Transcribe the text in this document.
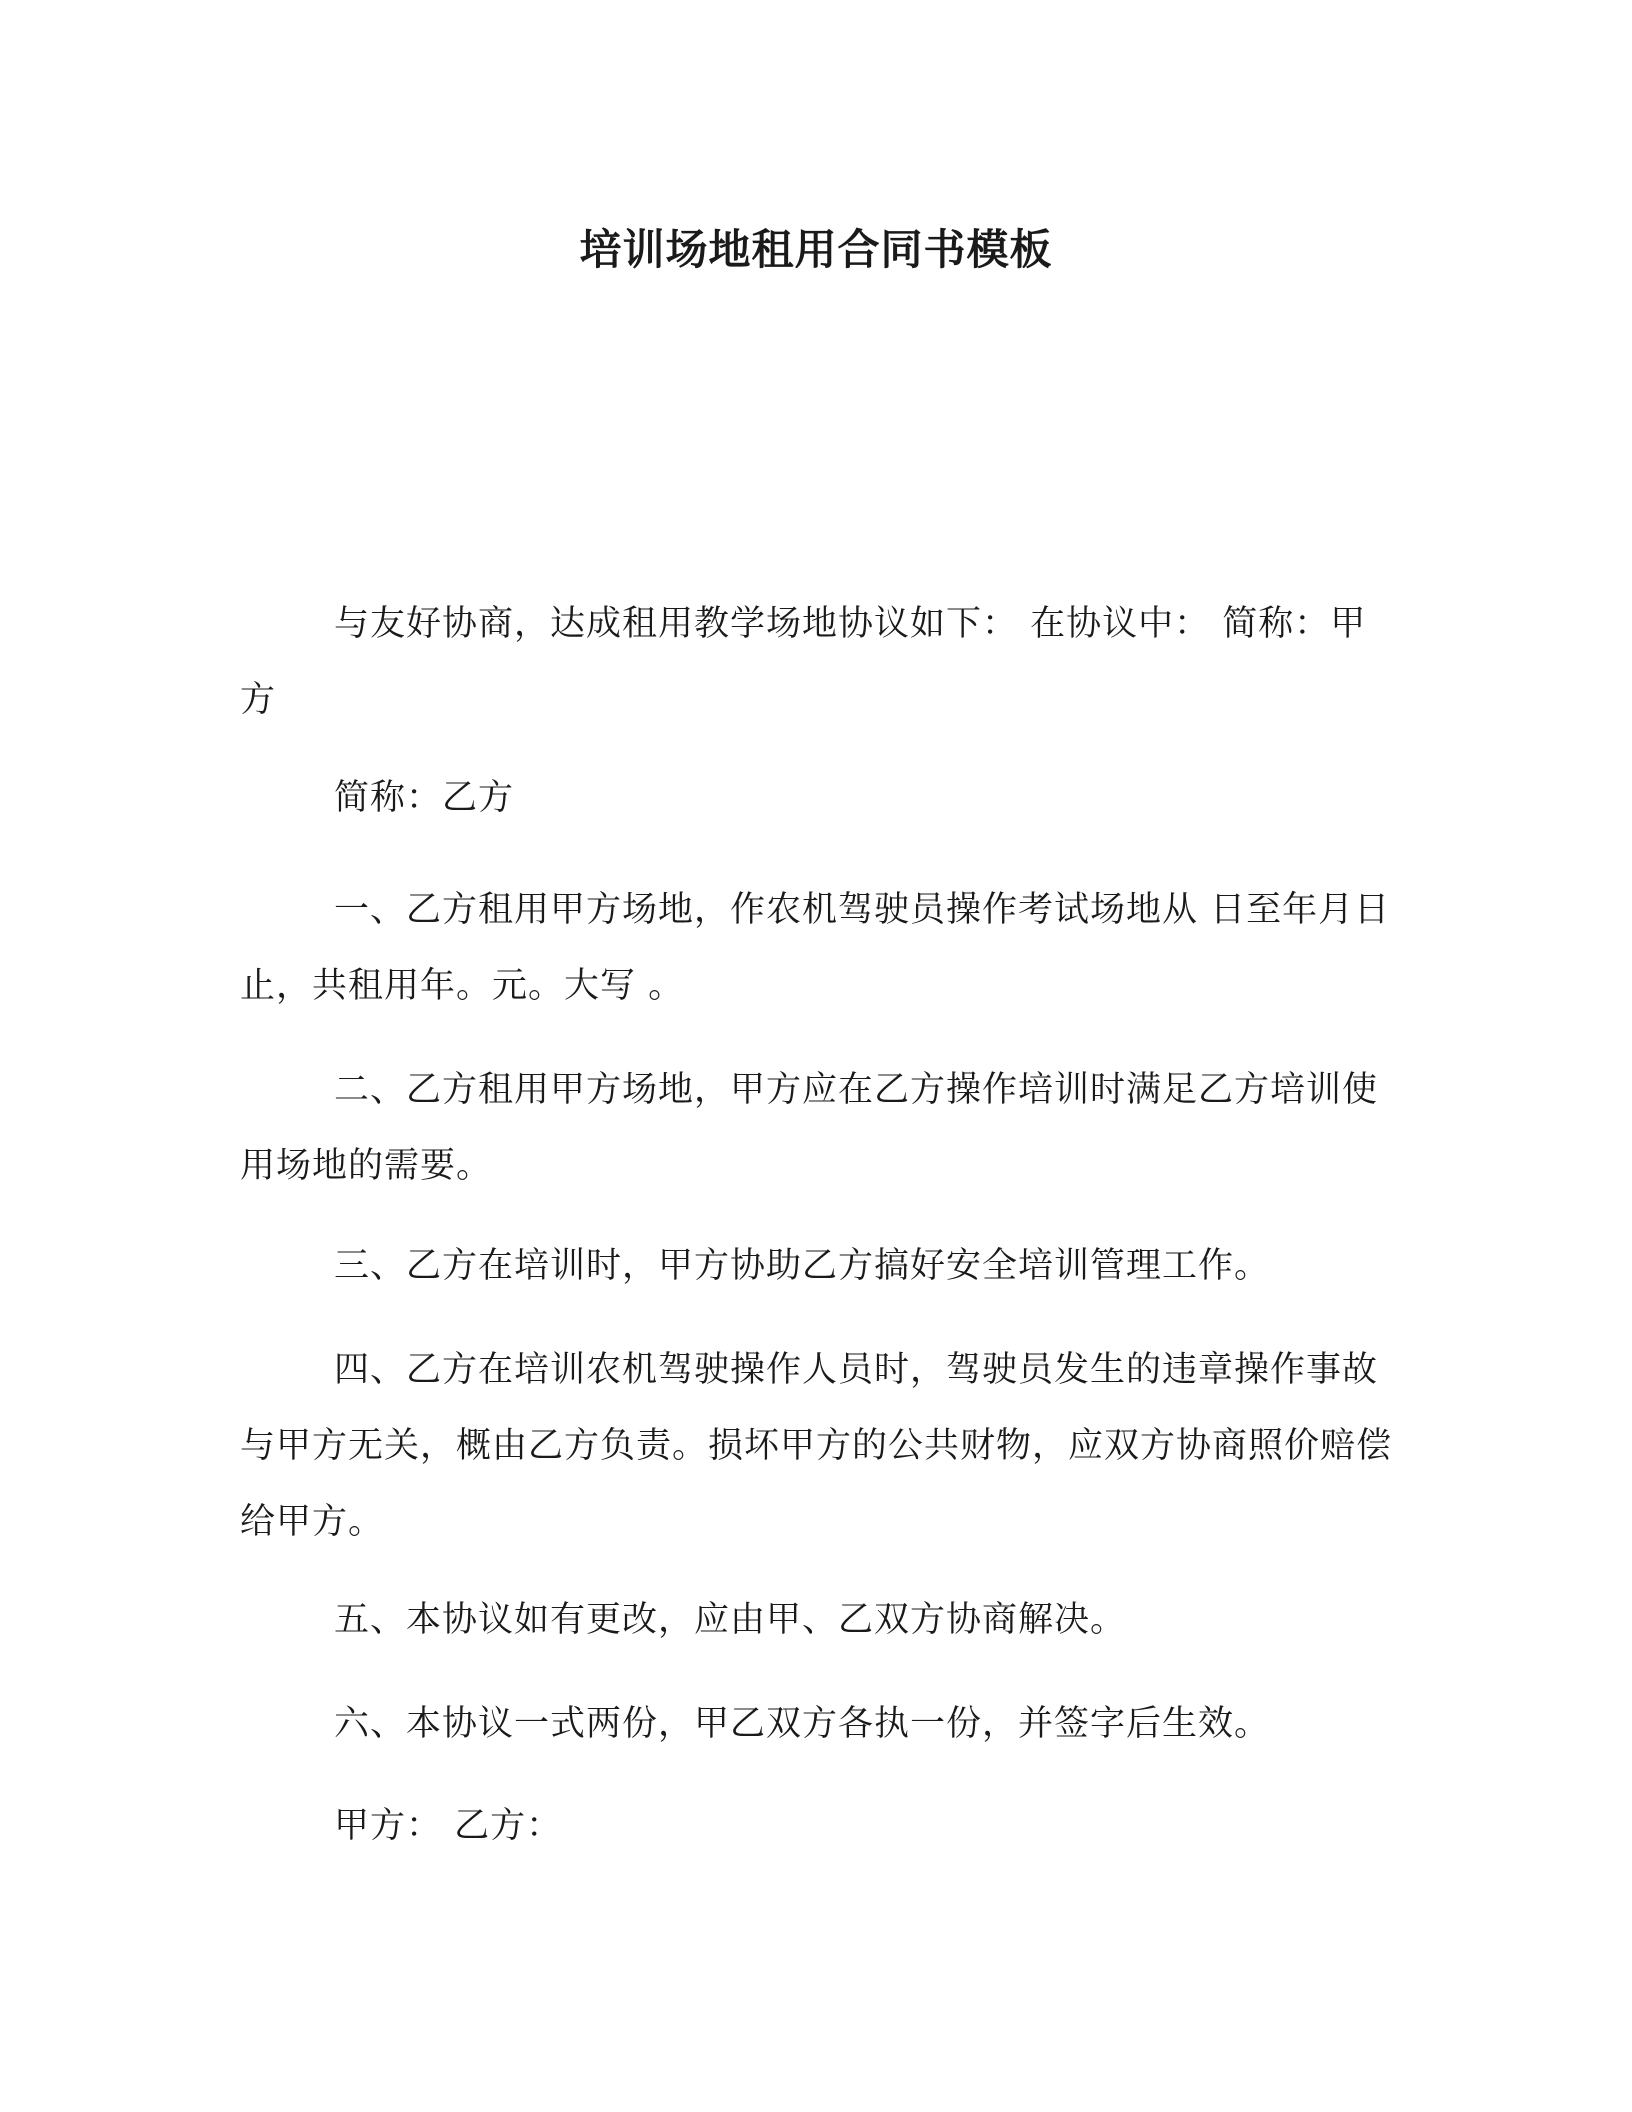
培训场地租用合同书模板

与友好协商，达成租用教学场地协议如下： 在协议中： 简称：甲方

简称：乙方

一、乙方租用甲方场地，作农机驾驶员操作考试场地从 日至年月日止，共租用年。元。大写 。

二、乙方租用甲方场地，甲方应在乙方操作培训时满足乙方培训使用场地的需要。

三、乙方在培训时，甲方协助乙方搞好安全培训管理工作。

四、乙方在培训农机驾驶操作人员时，驾驶员发生的违章操作事故与甲方无关，概由乙方负责。损坏甲方的公共财物，应双方协商照价赔偿给甲方。

五、本协议如有更改，应由甲、乙双方协商解决。

六、本协议一式两份，甲乙双方各执一份，并签字后生效。

甲方： 乙方：
